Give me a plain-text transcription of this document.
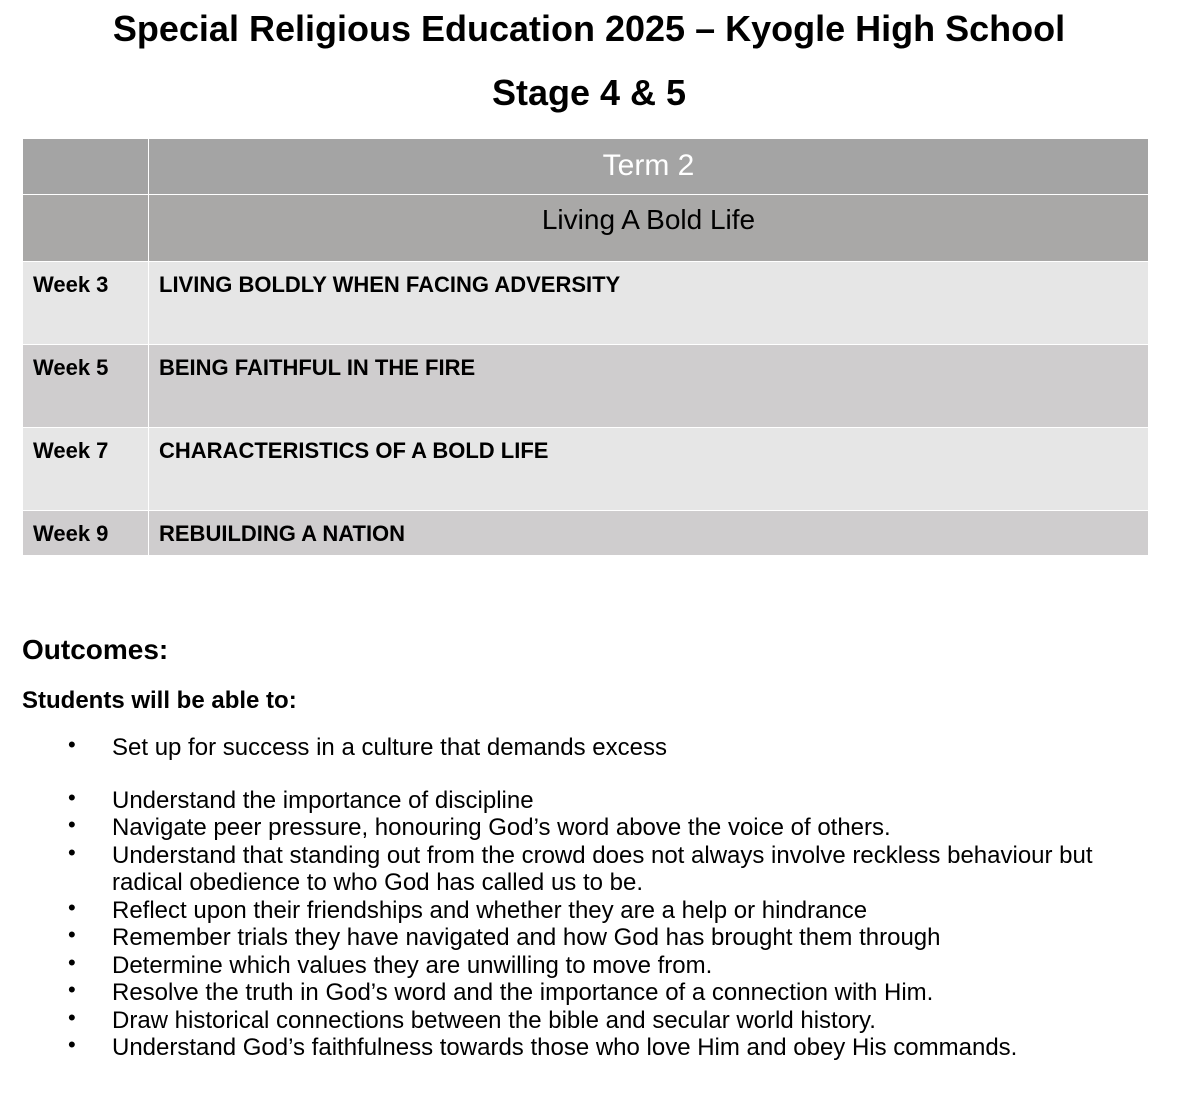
Special Religious Education 2025 – Kyogle High School
Stage 4 & 5

	Term 2

	Living A Bold Life

Week 3	LIVING BOLDLY WHEN FACING ADVERSITY
Week 5	BEING FAITHFUL IN THE FIRE
Week 7	CHARACTERISTICS OF A BOLD LIFE
Week 9	REBUILDING A NATION
Outcomes:

Students will be able to:

• Set up for success in a culture that demands excess
• Understand the importance of discipline
• Navigate peer pressure, honouring God’s word above the voice of others.
• Understand that standing out from the crowd does not always involve reckless behaviour but radical obedience to who God has called us to be.
• Reflect upon their friendships and whether they are a help or hindrance
• Remember trials they have navigated and how God has brought them through
• Determine which values they are unwilling to move from.
• Resolve the truth in God’s word and the importance of a connection with Him.
• Draw historical connections between the bible and secular world history.
• Understand God’s faithfulness towards those who love Him and obey His commands.
